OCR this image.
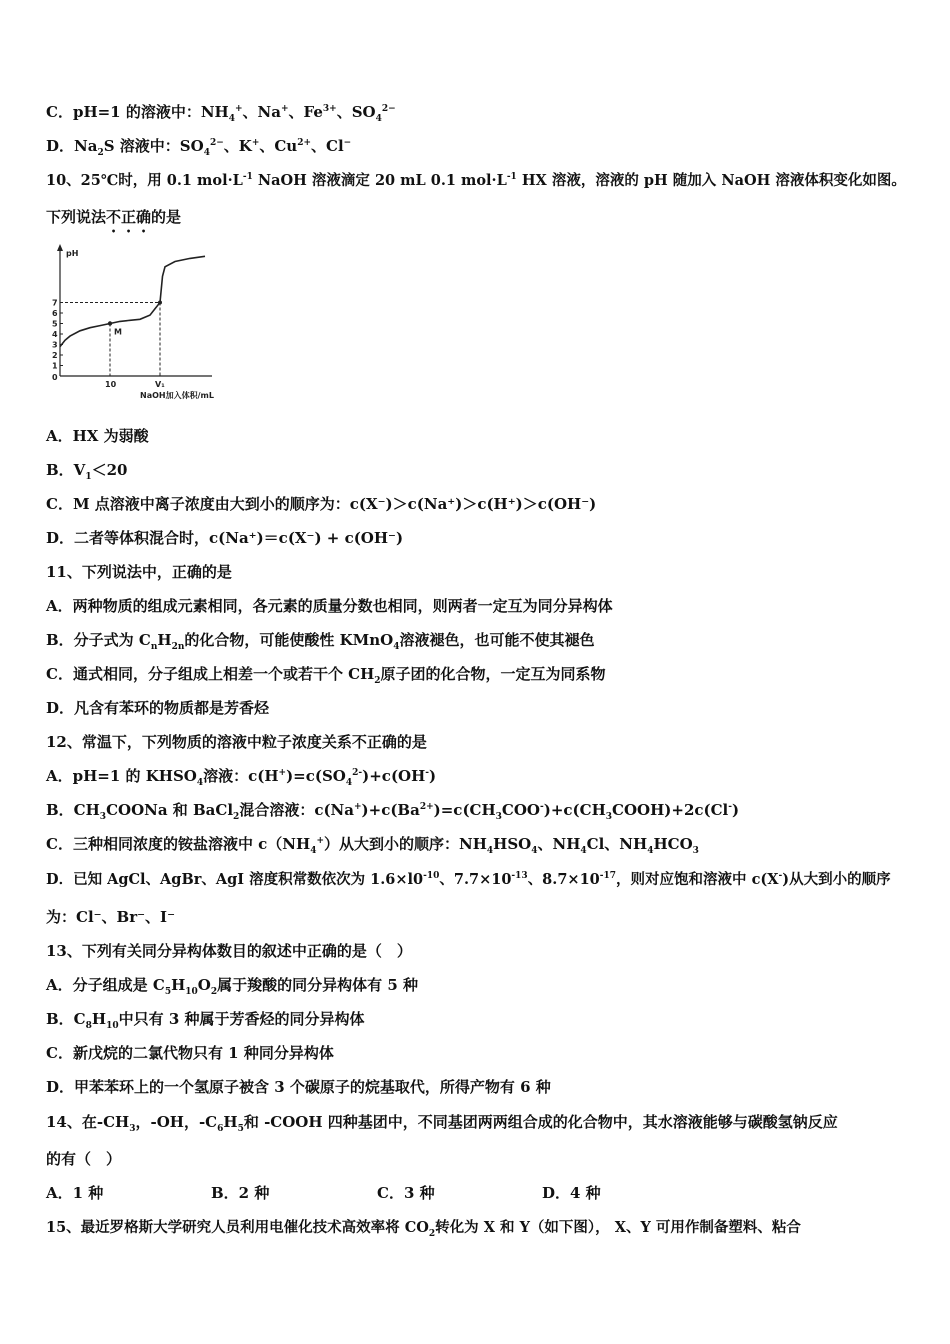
C．pH=1 的溶液中：$NH_4^+$、Na+、$Fe^{3+}$、$SO_4^{2-}$
D．$Na_2S$ 溶液中：$SO_4^{2-}$、K+、$Cu^{2+}$、Cl−
10、25℃时，用 0.1 $mol\cdot L^{-1}$ NaOH 溶液滴定 20 mL 0.1 $mol\cdot L^{-1}$ HX 溶液，溶液的 pH 随加入 NaOH 溶液体积变化如图。
下列说法不正确的是
pH
0
1
2
3
4
5
6
7
10	V₁
M
NaOH加入体积/mL
A．HX 为弱酸
B．$V_1<20$
C．M 点溶液中离子浓度由大到小的顺序为：c(X⁻)＞c(Na⁺)＞c(H⁺)＞c(OH⁻)
D．二者等体积混合时，c(Na⁺)＝c(X⁻) + c(OH⁻)
11、下列说法中，正确的是
A．两种物质的组成元素相同，各元素的质量分数也相同，则两者一定互为同分异构体
B．分子式为 $C_nH_{2n}$的化合物，可能使酸性 KMnO$_4$溶液褪色，也可能不使其褪色
C．通式相同，分子组成上相差一个或若干个 $CH_2$原子团的化合物，一定互为同系物
D．凡含有苯环的物质都是芳香烃
12、常温下，下列物质的溶液中粒子浓度关系不正确的是
A．pH=1 的 $KHSO_4$溶液：$c(H^+)=c(SO_4^{2-})+c(OH^-)$
B．$CH_3COONa$ 和 BaCl$_2$混合溶液：$c(Na^+)+c(Ba^{2+})=c(CH_3COO^-)+c(CH_3COOH)+2c(Cl^-)$
C．三种相同浓度的铵盐溶液中 $c(NH_4^+)$从大到小的顺序：$NH_4HSO_4$、$NH_4Cl$、$NH_4HCO_3$
D．已知 AgCl、AgBr、AgI 溶度积常数依次为 $1.6\times l0^{-10}$、$7.7\times 10^{-13}$、$8.7\times 10^{-17}$，则对应饱和溶液中 c(X-)从大到小的顺序
为：Cl⁻、Br⁻、I⁻
13、下列有关同分异构体数目的叙述中正确的是（　）
A．分子组成是 $C_5H_{10}O_2$属于羧酸的同分异构体有 5 种
B．$C_8H_{10}$中只有 3 种属于芳香烃的同分异构体
C．新戊烷的二氯代物只有 1 种同分异构体
D．甲苯苯环上的一个氢原子被含 3 个碳原子的烷基取代，所得产物有 6 种
14、在$-CH_3$，-OH，$-C_6H_5$和 -COOH 四种基团中，不同基团两两组合成的化合物中，其水溶液能够与碳酸氢钠反应
的有（　）
A．1 种	B．2 种	C．3 种	D．4 种
15、最近罗格斯大学研究人员利用电催化技术高效率将 $CO_2$转化为 X 和 Y（如下图）， X、Y 可用作制备塑料、粘合
